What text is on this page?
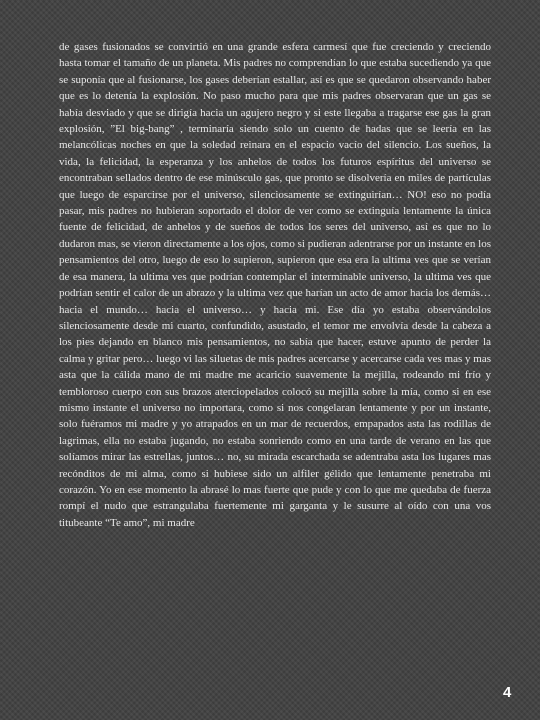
de gases fusionados se convirtió en una grande esfera carmesí que fue creciendo y creciendo hasta tomar el tamaño de un planeta. Mis padres no comprendían lo que estaba sucediendo ya que se suponía que al fusionarse, los gases deberían estallar, así es que se quedaron observando haber que es lo detenía la explosión. No paso mucho para que mis padres observaran que un gas se había desviado y que se dirigía hacia un agujero negro y si este llegaba a tragarse ese gas la gran explosión, ”El big-bang” , terminaría siendo solo un cuento de hadas que se leería en las melancólicas noches en que la soledad reinara en el espacio vacío del silencio. Los sueños, la vida, la felicidad, la esperanza y los anhelos de todos los futuros espíritus del universo se encontraban sellados dentro de ese minúsculo gas, que pronto se disolvería en miles de partículas que luego de esparcirse por el universo, silenciosamente se extinguirían… NO! eso no podía pasar, mis padres no hubieran soportado el dolor de ver como se extinguía lentamente la única fuente de felicidad, de anhelos y de sueños de todos los seres del universo, así es que no lo dudaron mas, se vieron directamente a los ojos, como si pudieran adentrarse por un instante en los pensamientos del otro, luego de eso lo supieron, supieron que esa era la ultima ves que se verían de esa manera, la ultima ves que podrían contemplar el interminable universo, la ultima ves que podrían sentir el calor de un abrazo y la ultima vez que harían un acto de amor hacia los demás… hacia el mundo… hacia el universo… y hacia mi. Ese día yo estaba observándolos silenciosamente desde mi cuarto, confundido, asustado, el temor me envolvía desde la cabeza a los pies dejando en blanco mis pensamientos, no sabía que hacer, estuve apunto de perder la calma y gritar pero… luego vi las siluetas de mis padres acercarse y acercarse cada ves mas y mas asta que la cálida mano de mi madre me acaricio suavemente la mejilla, rodeando mi frío y tembloroso cuerpo con sus brazos aterciopelados colocó su mejilla sobre la mía, como si en ese mismo instante el universo no importara, como si nos congelaran lentamente y por un instante, solo fuéramos mi madre y yo atrapados en un mar de recuerdos, empapados asta las rodillas de lagrimas, ella no estaba jugando, no estaba sonriendo como en una tarde de verano en las que solíamos mirar las estrellas, juntos… no, su mirada escarchada se adentraba asta los lugares mas recónditos de mi alma, como si hubiese sido un alfiler gélido que lentamente penetraba mi corazón. Yo en ese momento la abrasé lo mas fuerte que pude y con lo que me quedaba de fuerza rompí el nudo que estrangulaba fuertemente mi garganta y le susurre al oído con una vos titubeante “Te amo”, mi madre

4
